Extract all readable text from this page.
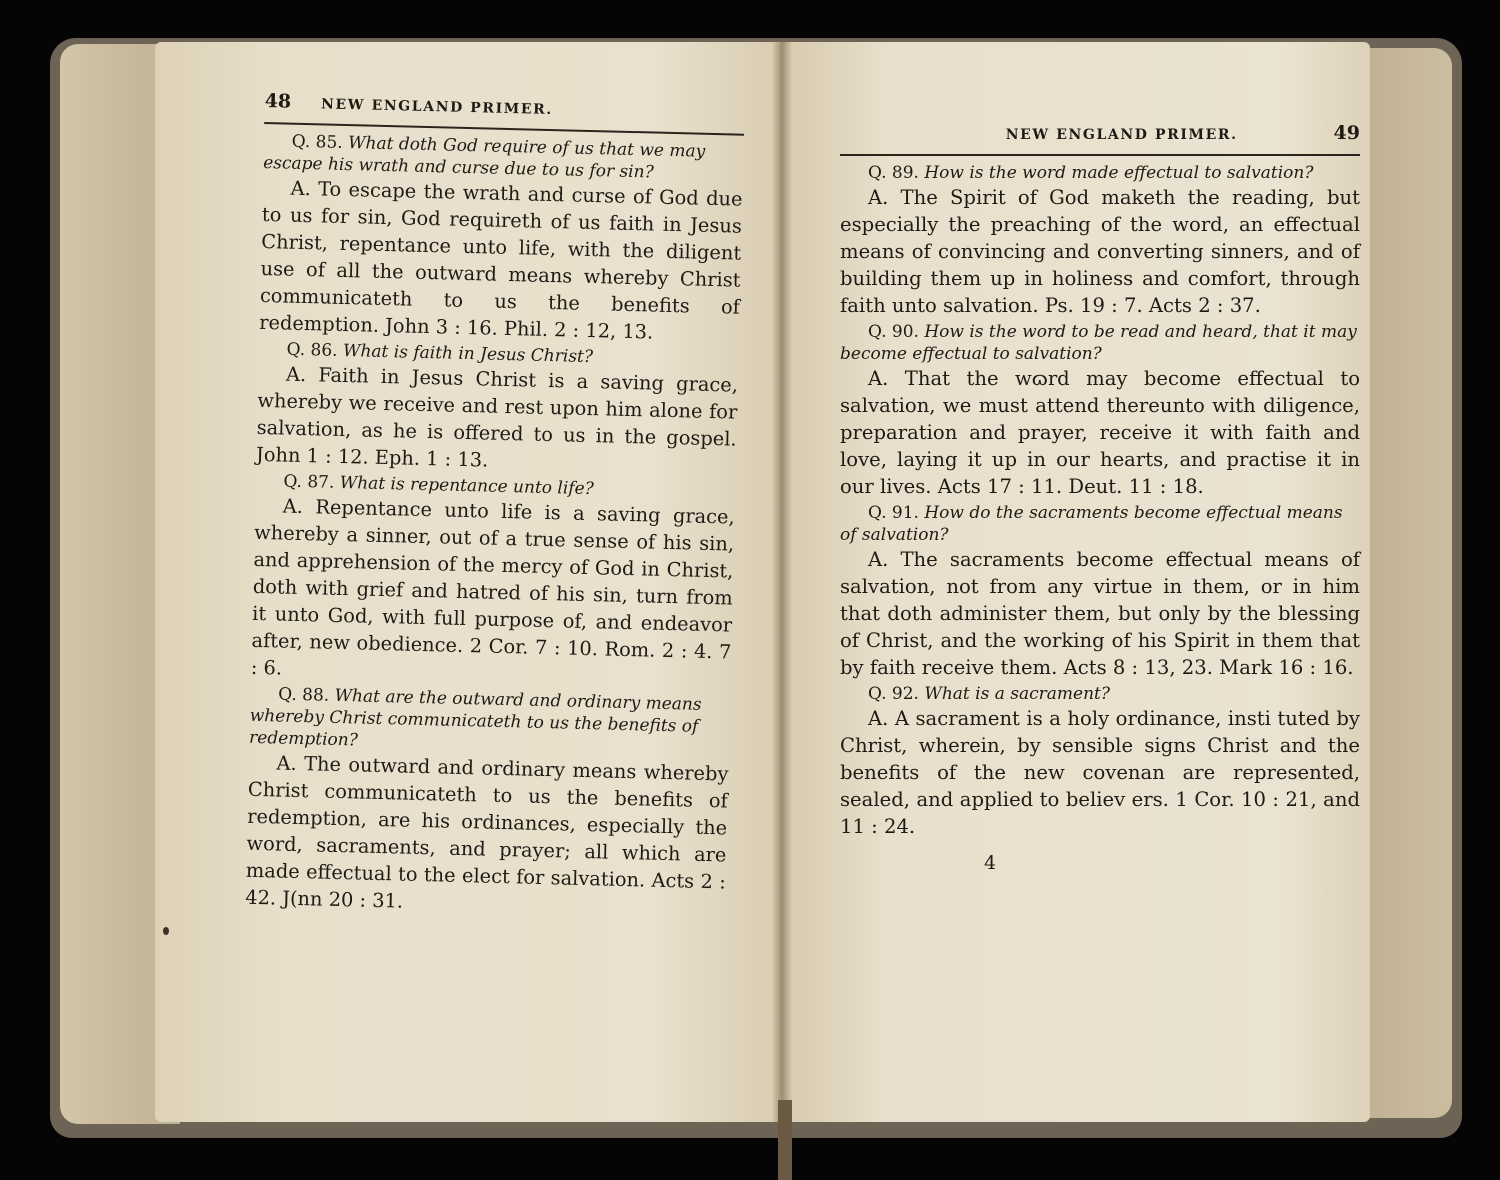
48 NEW ENGLAND PRIMER.

Q. 85. What doth God require of us that we may escape his wrath and curse due to us for sin?

A. To escape the wrath and curse of God due to us for sin, God requireth of us faith in Jesus Christ, repentance unto life, with the diligent use of all the outward means whereby Christ communicateth to us the benefits of redemption. John 3 : 16. Phil. 2 : 12, 13.

Q. 86. What is faith in Jesus Christ?

A. Faith in Jesus Christ is a saving grace, whereby we receive and rest upon him alone for salvation, as he is offered to us in the gospel. John 1 : 12. Eph. 1 : 13.

Q. 87. What is repentance unto life?

A. Repentance unto life is a saving grace, whereby a sinner, out of a true sense of his sin, and apprehension of the mercy of God in Christ, doth with grief and hatred of his sin, turn from it unto God, with full purpose of, and endeavor after, new obedience. 2 Cor. 7 : 10. Rom. 2 : 4. 7 : 6.

Q. 88. What are the outward and ordinary means whereby Christ communicateth to us the benefits of redemption?

A. The outward and ordinary means whereby Christ communicateth to us the benefits of redemption, are his ordinances, especially the word, sacraments, and prayer; all which are made effectual to the elect for salvation. Acts 2 : 42. J(nn 20 : 31.

NEW ENGLAND PRIMER.	49

Q. 89. How is the word made effectual to salvation?

A. The Spirit of God maketh the reading, but especially the preaching of the word, an effectual means of convincing and converting sinners, and of building them up in holiness and comfort, through faith unto salvation. Ps. 19 : 7. Acts 2 : 37.

Q. 90. How is the word to be read and heard, that it may become effectual to salvation?

A. That the wɷrd may become effectual to salvation, we must attend thereunto with diligence, preparation and prayer, receive it with faith and love, laying it up in our hearts, and practise it in our lives. Acts 17 : 11. Deut. 11 : 18.

Q. 91. How do the sacraments become effectual means of salvation?

A. The sacraments become effectual means of salvation, not from any virtue in them, or in him that doth administer them, but only by the blessing of Christ, and the working of his Spirit in them that by faith receive them. Acts 8 : 13, 23. Mark 16 : 16.

Q. 92. What is a sacrament?

A. A sacrament is a holy ordinance, insti tuted by Christ, wherein, by sensible signs Christ and the benefits of the new covenan are represented, sealed, and applied to believ ers. 1 Cor. 10 : 21, and 11 : 24.

4
